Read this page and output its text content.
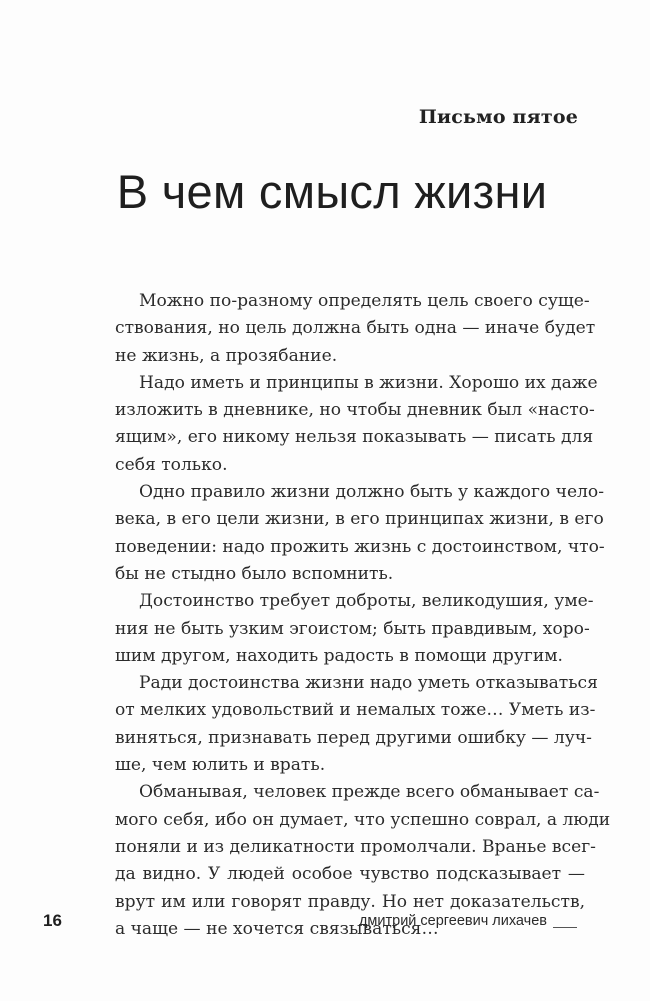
Письмо пятое
В чем смысл жизни
Можно по-разному определять цель своего суще-
ствования, но цель должна быть одна — иначе будет
не жизнь, а прозябание.
Надо иметь и принципы в жизни. Хорошо их даже
изложить в дневнике, но чтобы дневник был «насто-
ящим», его никому нельзя показывать — писать для
себя только.
Одно правило жизни должно быть у каждого чело-
века, в его цели жизни, в его принципах жизни, в его
поведении: надо прожить жизнь с достоинством, что-
бы не стыдно было вспомнить.
Достоинство требует доброты, великодушия, уме-
ния не быть узким эгоистом; быть правдивым, хоро-
шим другом, находить радость в помощи другим.
Ради достоинства жизни надо уметь отказываться
от мелких удовольствий и немалых тоже… Уметь из-
виняться, признавать перед другими ошибку — луч-
ше, чем юлить и врать.
Обманывая, человек прежде всего обманывает са-
мого себя, ибо он думает, что успешно соврал, а люди
поняли и из деликатности промолчали. Вранье всег-
да видно. У людей особое чувство подсказывает —
врут им или говорят правду. Но нет доказательств,
а чаще — не хочется связываться…
16	дмитрий сергеевич лихачев
